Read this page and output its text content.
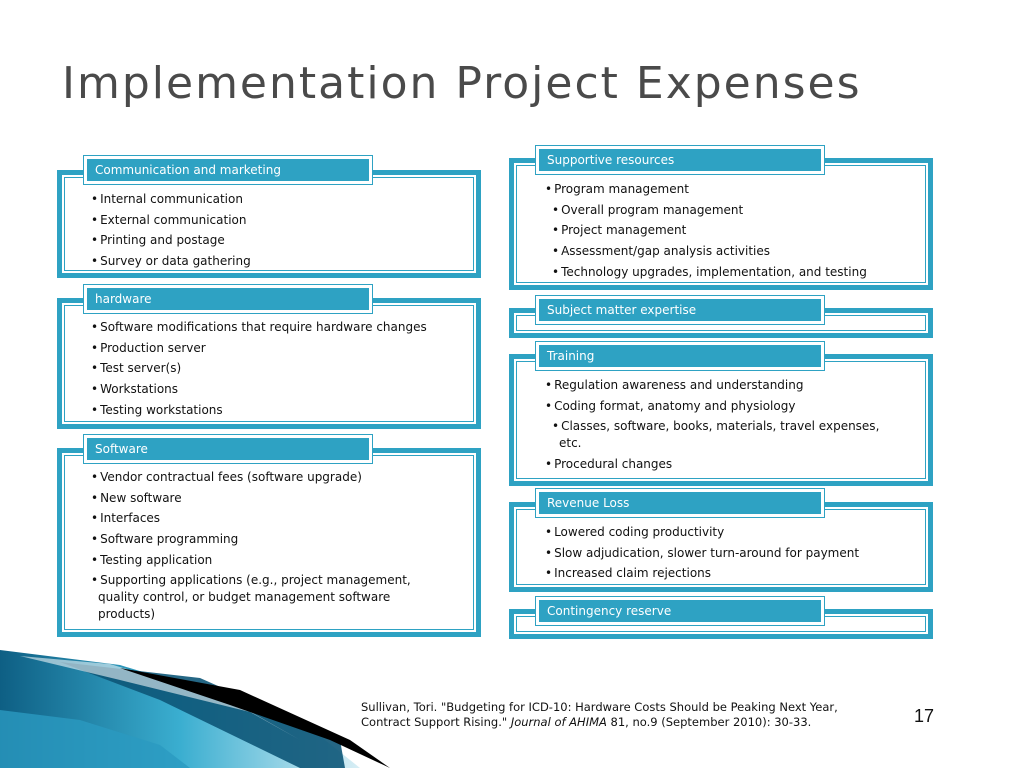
Implementation Project Expenses
Communication and marketing
• Internal communication
• External communication
• Printing and postage
• Survey or data gathering
hardware
• Software modifications that require hardware changes
• Production server
• Test server(s)
• Workstations
• Testing workstations
Software
• Vendor contractual fees (software upgrade)
• New software
• Interfaces
• Software programming
• Testing application
• Supporting applications (e.g., project management, quality control, or budget management software products)
Supportive resources
• Program management
• Overall program management
• Project management
• Assessment/gap analysis activities
• Technology upgrades, implementation, and testing
Subject matter expertise
Training
• Regulation awareness and understanding
• Coding format, anatomy and physiology
• Classes, software, books, materials, travel expenses, etc.
• Procedural changes
Revenue Loss
• Lowered coding productivity
• Slow adjudication, slower turn-around for payment
• Increased claim rejections
Contingency reserve
Sullivan, Tori. "Budgeting for ICD-10: Hardware Costs Should be Peaking Next Year, Contract Support Rising." Journal of AHIMA 81, no.9 (September 2010): 30-33.	17
